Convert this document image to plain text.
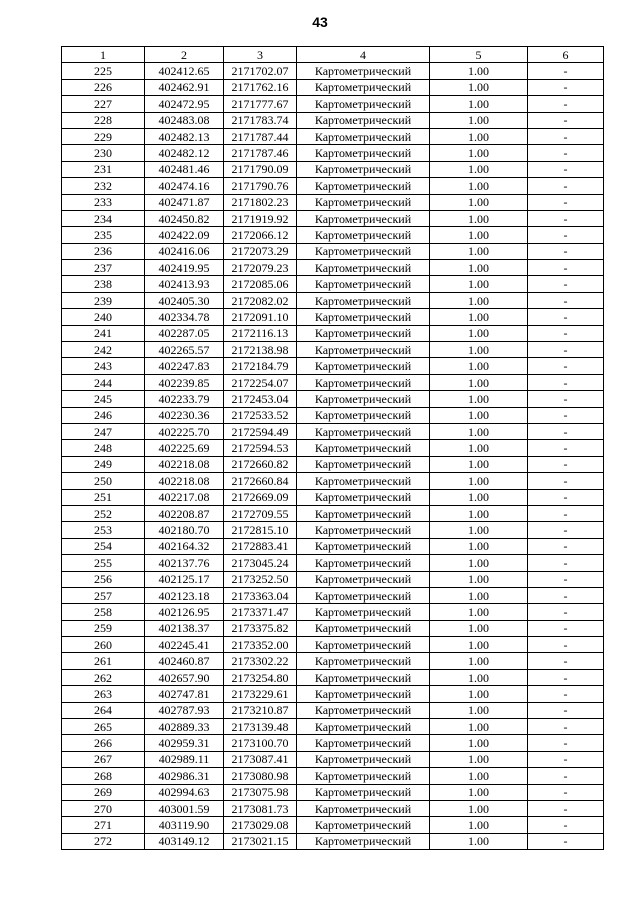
43
1	2	3	4	5	6
225	402412.65	2171702.07	Картометрический	1.00	-
226	402462.91	2171762.16	Картометрический	1.00	-
227	402472.95	2171777.67	Картометрический	1.00	-
228	402483.08	2171783.74	Картометрический	1.00	-
229	402482.13	2171787.44	Картометрический	1.00	-
230	402482.12	2171787.46	Картометрический	1.00	-
231	402481.46	2171790.09	Картометрический	1.00	-
232	402474.16	2171790.76	Картометрический	1.00	-
233	402471.87	2171802.23	Картометрический	1.00	-
234	402450.82	2171919.92	Картометрический	1.00	-
235	402422.09	2172066.12	Картометрический	1.00	-
236	402416.06	2172073.29	Картометрический	1.00	-
237	402419.95	2172079.23	Картометрический	1.00	-
238	402413.93	2172085.06	Картометрический	1.00	-
239	402405.30	2172082.02	Картометрический	1.00	-
240	402334.78	2172091.10	Картометрический	1.00	-
241	402287.05	2172116.13	Картометрический	1.00	-
242	402265.57	2172138.98	Картометрический	1.00	-
243	402247.83	2172184.79	Картометрический	1.00	-
244	402239.85	2172254.07	Картометрический	1.00	-
245	402233.79	2172453.04	Картометрический	1.00	-
246	402230.36	2172533.52	Картометрический	1.00	-
247	402225.70	2172594.49	Картометрический	1.00	-
248	402225.69	2172594.53	Картометрический	1.00	-
249	402218.08	2172660.82	Картометрический	1.00	-
250	402218.08	2172660.84	Картометрический	1.00	-
251	402217.08	2172669.09	Картометрический	1.00	-
252	402208.87	2172709.55	Картометрический	1.00	-
253	402180.70	2172815.10	Картометрический	1.00	-
254	402164.32	2172883.41	Картометрический	1.00	-
255	402137.76	2173045.24	Картометрический	1.00	-
256	402125.17	2173252.50	Картометрический	1.00	-
257	402123.18	2173363.04	Картометрический	1.00	-
258	402126.95	2173371.47	Картометрический	1.00	-
259	402138.37	2173375.82	Картометрический	1.00	-
260	402245.41	2173352.00	Картометрический	1.00	-
261	402460.87	2173302.22	Картометрический	1.00	-
262	402657.90	2173254.80	Картометрический	1.00	-
263	402747.81	2173229.61	Картометрический	1.00	-
264	402787.93	2173210.87	Картометрический	1.00	-
265	402889.33	2173139.48	Картометрический	1.00	-
266	402959.31	2173100.70	Картометрический	1.00	-
267	402989.11	2173087.41	Картометрический	1.00	-
268	402986.31	2173080.98	Картометрический	1.00	-
269	402994.63	2173075.98	Картометрический	1.00	-
270	403001.59	2173081.73	Картометрический	1.00	-
271	403119.90	2173029.08	Картометрический	1.00	-
272	403149.12	2173021.15	Картометрический	1.00	-
